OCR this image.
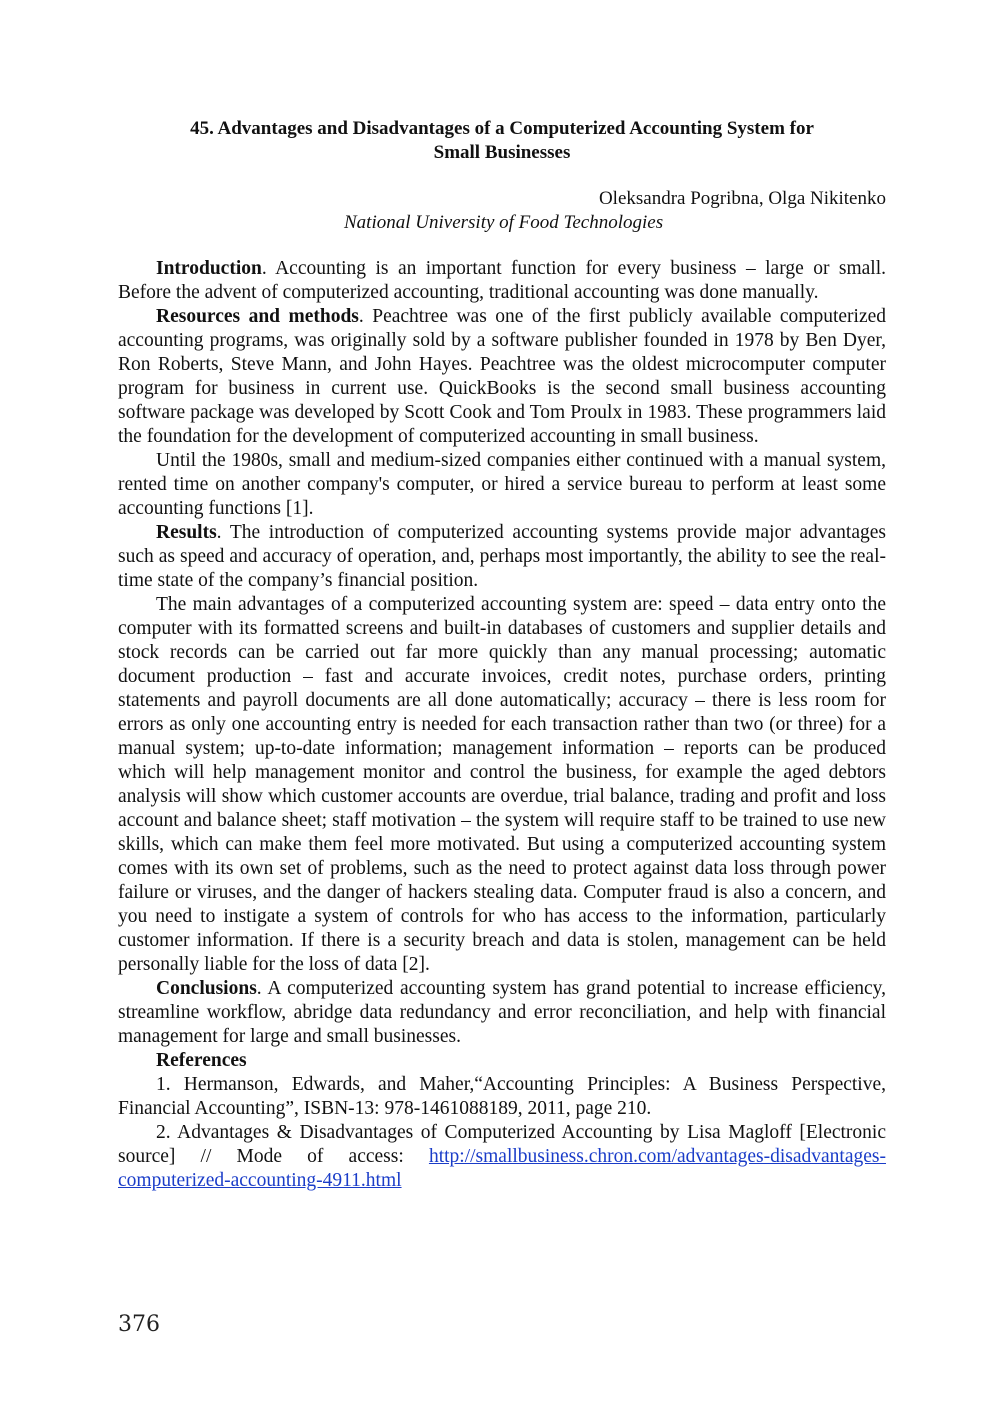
45. Advantages and Disadvantages of a Computerized Accounting System for
Small Businesses
Oleksandra Pogribna, Olga Nikitenko
National University of Food Technologies

Introduction. Accounting is an important function for every business – large or small. Before the advent of computerized accounting, traditional accounting was done manually.

Resources and methods. Peachtree was one of the first publicly available computerized accounting programs, was originally sold by a software publisher founded in 1978 by Ben Dyer, Ron Roberts, Steve Mann, and John Hayes. Peachtree was the oldest microcomputer computer program for business in current use. QuickBooks is the second small business accounting software package was developed by Scott Cook and Tom Proulx in 1983. These programmers laid the foundation for the development of computerized accounting in small business.

Until the 1980s, small and medium-sized companies either continued with a manual system, rented time on another company's computer, or hired a service bureau to perform at least some accounting functions [1].

Results. The introduction of computerized accounting systems provide major advantages such as speed and accuracy of operation, and, perhaps most importantly, the ability to see the real-time state of the company’s financial position.

The main advantages of a computerized accounting system are: speed – data entry onto the computer with its formatted screens and built-in databases of customers and supplier details and stock records can be carried out far more quickly than any manual processing; automatic document production – fast and accurate invoices, credit notes, purchase orders, printing statements and payroll documents are all done automatically; accuracy – there is less room for errors as only one accounting entry is needed for each transaction rather than two (or three) for a manual system; up-to-date information; management information – reports can be produced which will help management monitor and control the business, for example the aged debtors analysis will show which customer accounts are overdue, trial balance, trading and profit and loss account and balance sheet; staff motivation – the system will require staff to be trained to use new skills, which can make them feel more motivated. But using a computerized accounting system comes with its own set of problems, such as the need to protect against data loss through power failure or viruses, and the danger of hackers stealing data. Computer fraud is also a concern, and you need to instigate a system of controls for who has access to the information, particularly customer information. If there is a security breach and data is stolen, management can be held personally liable for the loss of data [2].

Conclusions. A computerized accounting system has grand potential to increase efficiency, streamline workflow, abridge data redundancy and error reconciliation, and help with financial management for large and small businesses.

References

1. Hermanson, Edwards, and Maher,“Accounting Principles: A Business Perspective, Financial Accounting”, ISBN-13: 978-1461088189, 2011, page 210.

2. Advantages & Disadvantages of Computerized Accounting by Lisa Magloff [Electronic source] // Mode of access: http://smallbusiness.chron.com/advantages-disadvantages-computerized-accounting-4911.html

376
